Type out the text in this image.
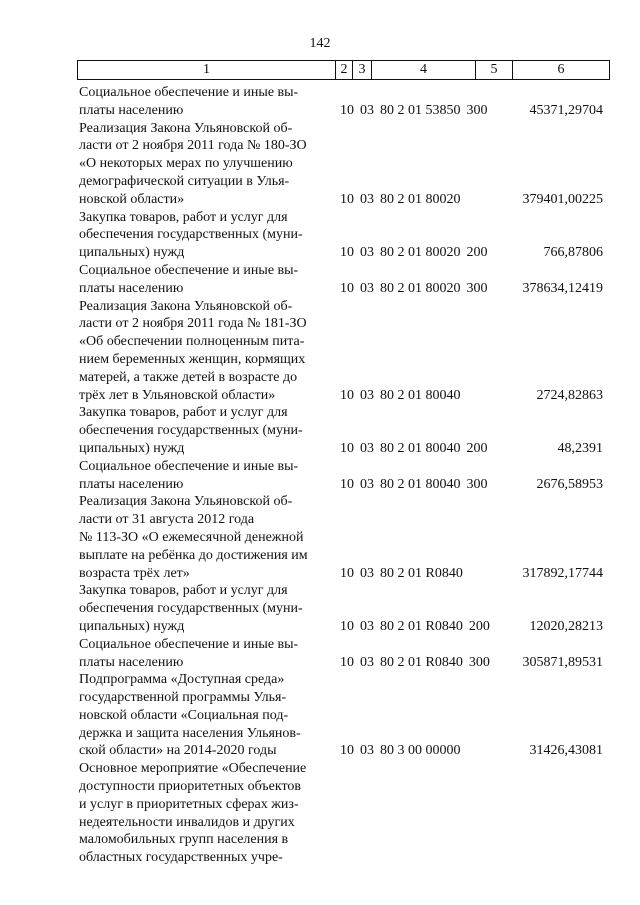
142
1	2 3	4	5	6
Социальное обеспечение и иные вы-
платы населению	10 03 80 2 01 53850 300	45371,29704
Реализация Закона Ульяновской об-
ласти от 2 ноября 2011 года № 180-ЗО
«О некоторых мерах по улучшению
демографической ситуации в Улья-
новской области»	10 03 80 2 01 80020	379401,00225
Закупка товаров, работ и услуг для
обеспечения государственных (муни-
ципальных) нужд	10 03 80 2 01 80020 200	766,87806
Социальное обеспечение и иные вы-
платы населению	10 03 80 2 01 80020 300	378634,12419
Реализация Закона Ульяновской об-
ласти от 2 ноября 2011 года № 181-ЗО
«Об обеспечении полноценным пита-
нием беременных женщин, кормящих
матерей, а также детей в возрасте до
трёх лет в Ульяновской области»	10 03 80 2 01 80040	2724,82863
Закупка товаров, работ и услуг для
обеспечения государственных (муни-
ципальных) нужд	10 03 80 2 01 80040 200	48,2391
Социальное обеспечение и иные вы-
платы населению	10 03 80 2 01 80040 300	2676,58953
Реализация Закона Ульяновской об-
ласти от 31 августа 2012 года
№ 113-ЗО «О ежемесячной денежной
выплате на ребёнка до достижения им
возраста трёх лет»	10 03 80 2 01 R0840	317892,17744
Закупка товаров, работ и услуг для
обеспечения государственных (муни-
ципальных) нужд	10 03 80 2 01 R0840 200	12020,28213
Социальное обеспечение и иные вы-
платы населению	10 03 80 2 01 R0840 300	305871,89531
Подпрограмма «Доступная среда»
государственной программы Улья-
новской области «Социальная под-
держка и защита населения Ульянов-
ской области» на 2014-2020 годы	10 03 80 3 00 00000	31426,43081
Основное мероприятие «Обеспечение
доступности приоритетных объектов
и услуг в приоритетных сферах жиз-
недеятельности инвалидов и других
маломобильных групп населения в
областных государственных учре-
